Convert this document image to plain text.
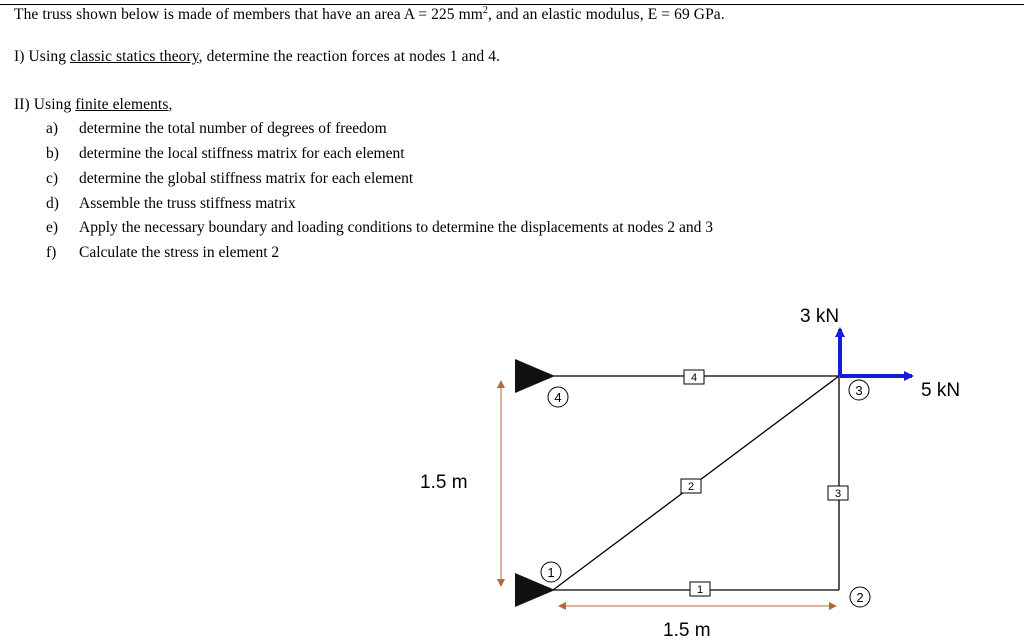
The truss shown below is made of members that have an area A = 225 $mm^2$, and an elastic modulus, E = 69 GPa.
I) Using classic statics theory, determine the reaction forces at nodes 1 and 4.
II) Using finite elements,
a) determine the total number of degrees of freedom
b) determine the local stiffness matrix for each element
c) determine the global stiffness matrix for each element
d) Assemble the truss stiffness matrix
e) Apply the necessary boundary and loading conditions to determine the displacements at nodes 2 and 3
f) Calculate the stress in element 2
3 kN
5 kN
1.5 m
1.5 m
4
2
3
1
4
1
3
2
